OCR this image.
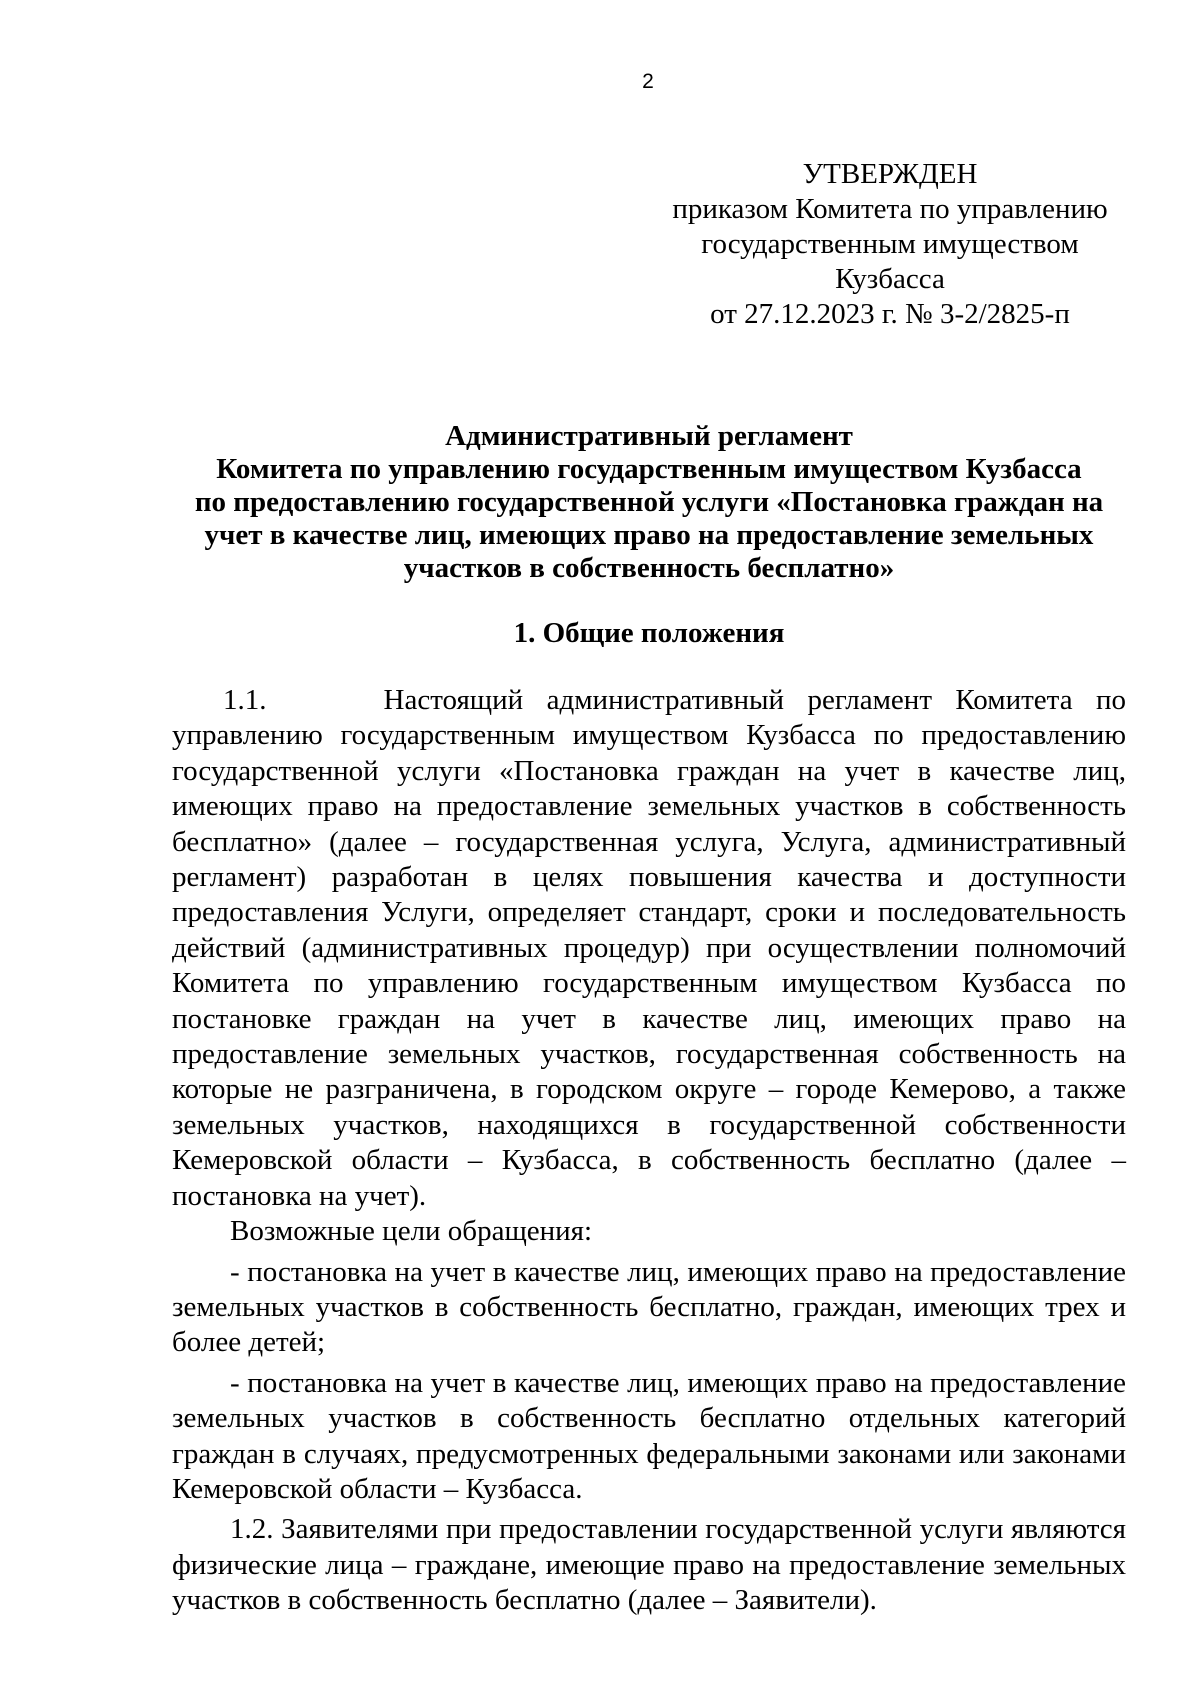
2
УТВЕРЖДЕН
приказом Комитета по управлению
государственным имуществом
Кузбасса
от 27.12.2023 г. № 3-2/2825-п
Административный регламент
Комитета по управлению государственным имуществом Кузбасса
по предоставлению государственной услуги «Постановка граждан на
учет в качестве лиц, имеющих право на предоставление земельных
участков в собственность бесплатно»
1. Общие положения

1.1.	Настоящий административный регламент Комитета по управлению государственным имуществом Кузбасса по предоставлению государственной услуги «Постановка граждан на учет в качестве лиц, имеющих право на предоставление земельных участков в собственность бесплатно» (далее – государственная услуга, Услуга, административный регламент) разработан в целях повышения качества и доступности предоставления Услуги, определяет стандарт, сроки и последовательность действий (административных процедур) при осуществлении полномочий Комитета по управлению государственным имуществом Кузбасса по постановке граждан на учет в качестве лиц, имеющих право на предоставление земельных участков, государственная собственность на которые не разграничена, в городском округе – городе Кемерово, а также земельных участков, находящихся в государственной собственности Кемеровской области – Кузбасса, в собственность бесплатно (далее – постановка на учет).

Возможные цели обращения:

- постановка на учет в качестве лиц, имеющих право на предоставление земельных участков в собственность бесплатно, граждан, имеющих трех и более детей;

- постановка на учет в качестве лиц, имеющих право на предоставление земельных участков в собственность бесплатно отдельных категорий граждан в случаях, предусмотренных федеральными законами или законами Кемеровской области – Кузбасса.

1.2. Заявителями при предоставлении государственной услуги являются физические лица – граждане, имеющие право на предоставление земельных участков в собственность бесплатно (далее – Заявители).
